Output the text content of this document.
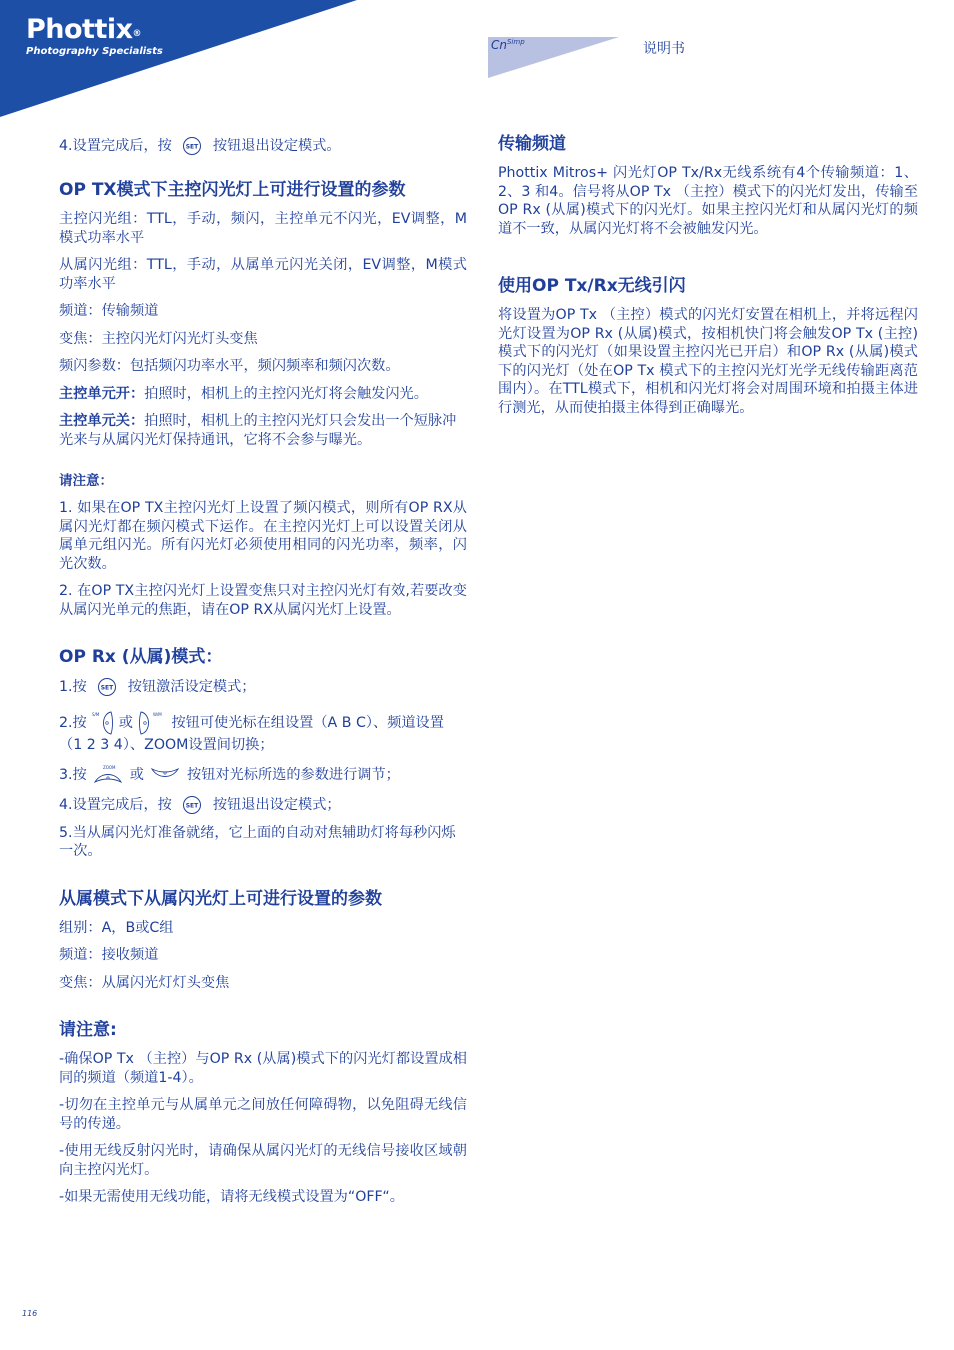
Phottix®
Photography Specialists	$Cn^{Simp}$	说明书

4.设置完成后，按 SET 按钮退出设定模式。

OP TX模式下主控闪光灯上可进行设置的参数

主控闪光组：TTL，手动，频闪，主控单元不闪光，EV调整，M模式功率水平

从属闪光组：TTL，手动，从属单元闪光关闭，EV调整，M模式功率水平

频道：传输频道

变焦：主控闪光灯闪光灯头变焦

频闪参数：包括频闪功率水平，频闪频率和频闪次数。

主控单元开：拍照时，相机上的主控闪光灯将会触发闪光。

主控单元关：拍照时，相机上的主控闪光灯只会发出一个短脉冲光来与从属闪光灯保持通讯，它将不会参与曝光。

请注意：

1. 如果在OP TX主控闪光灯上设置了频闪模式，则所有OP RX从属闪光灯都在频闪模式下运作。在主控闪光灯上可以设置关闭从属单元组闪光。所有闪光灯必须使用相同的闪光功率，频率，闪光次数。

2. 在OP TX主控闪光灯上设置变焦只对主控闪光灯有效,若要改变从属闪光单元的焦距，请在OP RX从属闪光灯上设置。

OP Rx (从属)模式：

1.按 SET 按钮激活设定模式；

2.按
S/M
或
W/M
按钮可使光标在组设置（A B C）、频道设置（1 2 3 4）、ZOOM设置间切换；

3.按	ZOOM 或	按钮对光标所选的参数进行调节；

4.设置完成后，按 SET 按钮退出设定模式；

5.当从属闪光灯准备就绪，它上面的自动对焦辅助灯将每秒闪烁一次。

从属模式下从属闪光灯上可进行设置的参数

组别：A，B或C组

频道：接收频道

变焦：从属闪光灯灯头变焦

请注意:

-确保OP Tx （主控）与OP Rx (从属)模式下的闪光灯都设置成相同的频道（频道1-4）。

-切勿在主控单元与从属单元之间放任何障碍物，以免阻碍无线信号的传递。

-使用无线反射闪光时，请确保从属闪光灯的无线信号接收区域朝向主控闪光灯。

-如果无需使用无线功能，请将无线模式设置为“OFF“。

传输频道

Phottix Mitros+ 闪光灯OP Tx/Rx无线系统有4个传输频道：1、2、3 和4。信号将从OP Tx （主控）模式下的闪光灯发出，传输至OP Rx (从属)模式下的闪光灯。如果主控闪光灯和从属闪光灯的频道不一致，从属闪光灯将不会被触发闪光。

使用OP Tx/Rx无线引闪

将设置为OP Tx （主控）模式的闪光灯安置在相机上，并将远程闪光灯设置为OP Rx (从属)模式，按相机快门将会触发OP Tx (主控) 模式下的闪光灯（如果设置主控闪光已开启）和OP Rx (从属)模式下的闪光灯（处在OP Tx 模式下的主控闪光灯光学无线传输距离范围内）。在TTL模式下，相机和闪光灯将会对周围环境和拍摄主体进行测光，从而使拍摄主体得到正确曝光。

116
